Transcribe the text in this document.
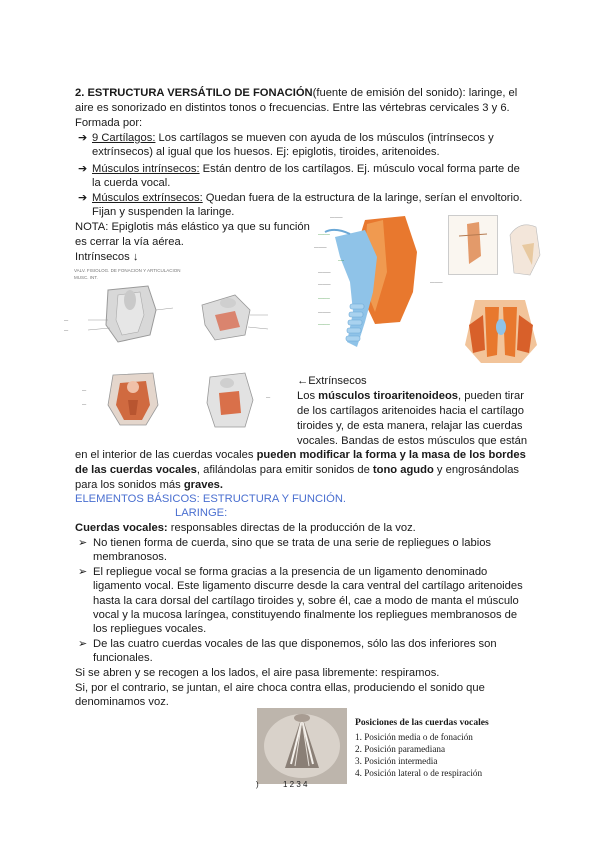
2. ESTRUCTURA VERSÁTILO DE FONACIÓN(fuente de emisión del sonido): laringe, el
aire es sonorizado en distintos tonos o frecuencias. Entre las vértebras cervicales 3 y 6.
Formada por:
➔ 9 Cartílagos: Los cartílagos se mueven con ayuda de los músculos (intrínsecos y
extrínsecos) al igual que los huesos. Ej: epiglotis, tiroides, aritenoides.
➔ Músculos intrínsecos: Están dentro de los cartílagos. Ej. músculo vocal forma parte de
la cuerda vocal.
➔ Músculos extrínsecos: Quedan fuera de la estructura de la laringe, serían el envoltorio.
Fijan y suspenden la laringe.
NOTA: Epiglotis más elástico ya que su función
es cerrar la vía aérea.
Intrínsecos ↓
VALV. FISIOLOG. DE FONACION Y ARTICULACION
MUSC. INT.
—
—
—
—
—
———
────
———
──
———
———
────
———
────
———
←Extrínsecos
Los músculos tiroaritenoideos, pueden tirar
de los cartílagos aritenoides hacia el cartílago
tiroides y, de esta manera, relajar las cuerdas
vocales. Bandas de estos músculos que están
en el interior de las cuerdas vocales pueden modificar la forma y la masa de los bordes
de las cuerdas vocales, afilándolas para emitir sonidos de tono agudo y engrosándolas
para los sonidos más graves.
ELEMENTOS BÁSICOS: ESTRUCTURA Y FUNCIÓN.
LARINGE:
Cuerdas vocales: responsables directas de la producción de la voz.
➢ No tienen forma de cuerda, sino que se trata de una serie de repliegues o labios
membranosos.
➢ El repliegue vocal se forma gracias a la presencia de un ligamento denominado
ligamento vocal. Este ligamento discurre desde la cara ventral del cartílago aritenoides
hasta la cara dorsal del cartílago tiroides y, sobre él, cae a modo de manta el músculo
vocal y la mucosa laríngea, constituyendo finalmente los repliegues membranosos de
los repliegues vocales.
➢ De las cuatro cuerdas vocales de las que disponemos, sólo las dos inferiores son
funcionales.
Si se abren y se recogen a los lados, el aire pasa libremente: respiramos.
Si, por el contrario, se juntan, el aire choca contra ellas, produciendo el sonido que
denominamos voz.
1 2 3 4
)
Posiciones de las cuerdas vocales
1. Posición media o de fonación
2. Posición paramediana
3. Posición intermedia
4. Posición lateral o de respiración
